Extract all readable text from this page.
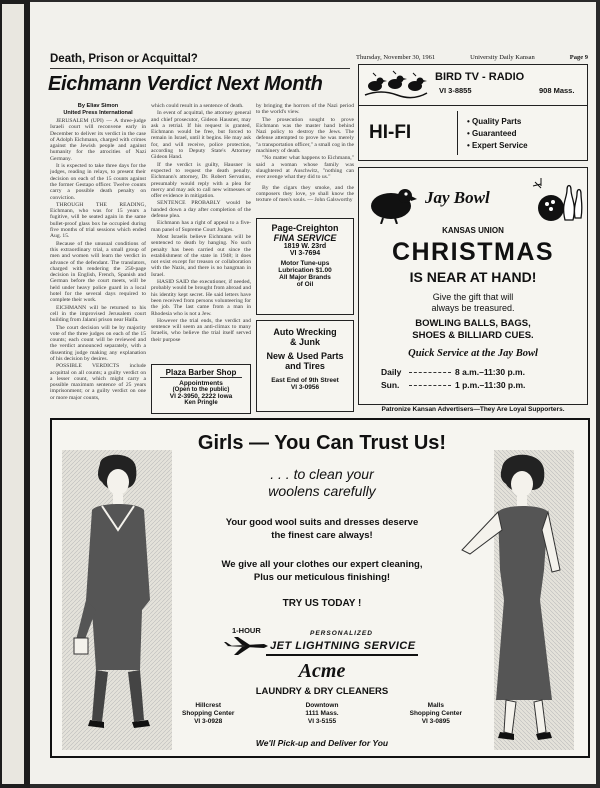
Thursday, November 30, 1961	University Daily Kansan	Page 9
Death, Prison or Acquittal?
Eichmann Verdict Next Month
By Eliav Simon
United Press International

JERUSALEM (UPI) — A three-judge Israeli court will reconvene early in December to deliver its verdict in the case of Adolph Eichmann, charged with crimes against the Jewish people and against humanity for the atrocities of Nazi Germany.

It is expected to take three days for the judges, reading in relays, to present their decision on each of the 15 counts against the former Gestapo officer. Twelve counts carry a possible death penalty on conviction.

THROUGH THE READING, Eichmann, who was for 15 years a fugitive, will be seated again in the same bullet-proof glass box he occupied during five months of trial sessions which ended Aug. 15.

Because of the unusual conditions of this extraordinary trial, a small group of men and women will learn the verdict in advance of the defendant. The translators, charged with rendering the 250-page decision in English, French, Spanish and German before the court meets, will be held under heavy police guard in a local hotel for the several days required to complete their work.

EICHMANN will be returned to his cell in the improvised Jerusalem court building from Jalami prison near Haifa.

The court decision will be by majority vote of the three judges on each of the 15 counts; each count will be reviewed and the verdict announced separately, with a dissenting judge making any explanation of his decision by desires.

POSSIBLE VERDICTS include acquittal on all counts; a guilty verdict on a lesser count, which might carry a possible maximum sentence of 25 years imprisonment; or a guilty verdict on one or more major counts,

which could result in a sentence of death.

In event of acquittal, the attorney general and chief prosecutor, Gideon Hausner, may ask a retrial. If his request is granted, Eichmann would be free, but forced to remain in Israel, until it begins. He may ask for, and will receive, police protection, according to Deputy State's Attorney Gideon Hand.

If the verdict is guilty, Hausner is expected to request the death penalty. Eichmann's attorney, Dr. Robert Servatius, presumably would reply with a plea for mercy and may ask to call new witnesses or offer evidence in mitigation.

SENTENCE PROBABLY would be handed down a day after completion of the defense plea.

Eichmann has a right of appeal to a five-man panel of Supreme Court Judges.

Most Israelis believe Eichmann will be sentenced to death by hanging. No such penalty has been carried out since the establishment of the state in 1948; it does not exist except for treason or collaboration with the Nazis, and there is no hangman in Israel.

HASID SAID the executioner, if needed, probably would be brought from abroad and his identity kept secret. He said letters have been received from persons volunteering for the job. The last came from a man in Rhodesia who is not a Jew.

However the trial ends, the verdict and sentence will seem an anti-climax to many Israelis, who believe the trial itself served their purpose

by bringing the horrors of the Nazi period to the world's view.

The prosecution sought to prove Eichmann was the master hand behind Nazi policy to destroy the Jews. The defense attempted to prove he was merely "a transportation officer," a small cog in the machinery of death.

"No matter what happens to Eichmann," said a woman whose family was slaughtered at Auschwitz, "nothing can ever avenge what they did to us."

By the cigars they smoke, and the composers they love, ye shall know the texture of men's souls. — John Galsworthy

Plaza Barber Shop
Appointments
(Open to the public)
VI 2-3950, 2222 Iowa
Ken Pringle
Page-Creighton
FINA SERVICE
1819 W. 23rd
VI 3-7694
Motor Tune-ups
Lubrication $1.00
All Major Brands
of Oil
Auto Wrecking
& Junk
New & Used Parts
and Tires
East End of 9th Street
VI 3-0956
BIRD TV - RADIO
VI 3-8855	908 Mass.
HI-FI
• Quality Parts
• Guaranteed
• Expert Service
Jay Bowl
KANSAS UNION
CHRISTMAS
IS NEAR AT HAND!
Give the gift that will
always be treasured.
BOWLING BALLS, BAGS,
SHOES & BILLIARD CUES.
Quick Service at the Jay Bowl
Daily	8 a.m.–11:30 p.m.
Sun.	1 p.m.–11:30 p.m.
Patronize Kansan Advertisers—They Are Loyal Supporters.
Girls — You Can Trust Us!
. . . to clean your
woolens carefully
Your good wool suits and dresses deserve
the finest care always!
We give all your clothes our expert cleaning,
Plus our meticulous finishing!
TRY US TODAY !
1-HOUR	PERSONALIZED
JET LIGHTNING SERVICE
Acme
LAUNDRY & DRY CLEANERS
Hillcrest
Shopping Center
VI 3-0928
Downtown
1111 Mass.
VI 3-5155
Malls
Shopping Center
VI 3-0895
We'll Pick-up and Deliver for You
